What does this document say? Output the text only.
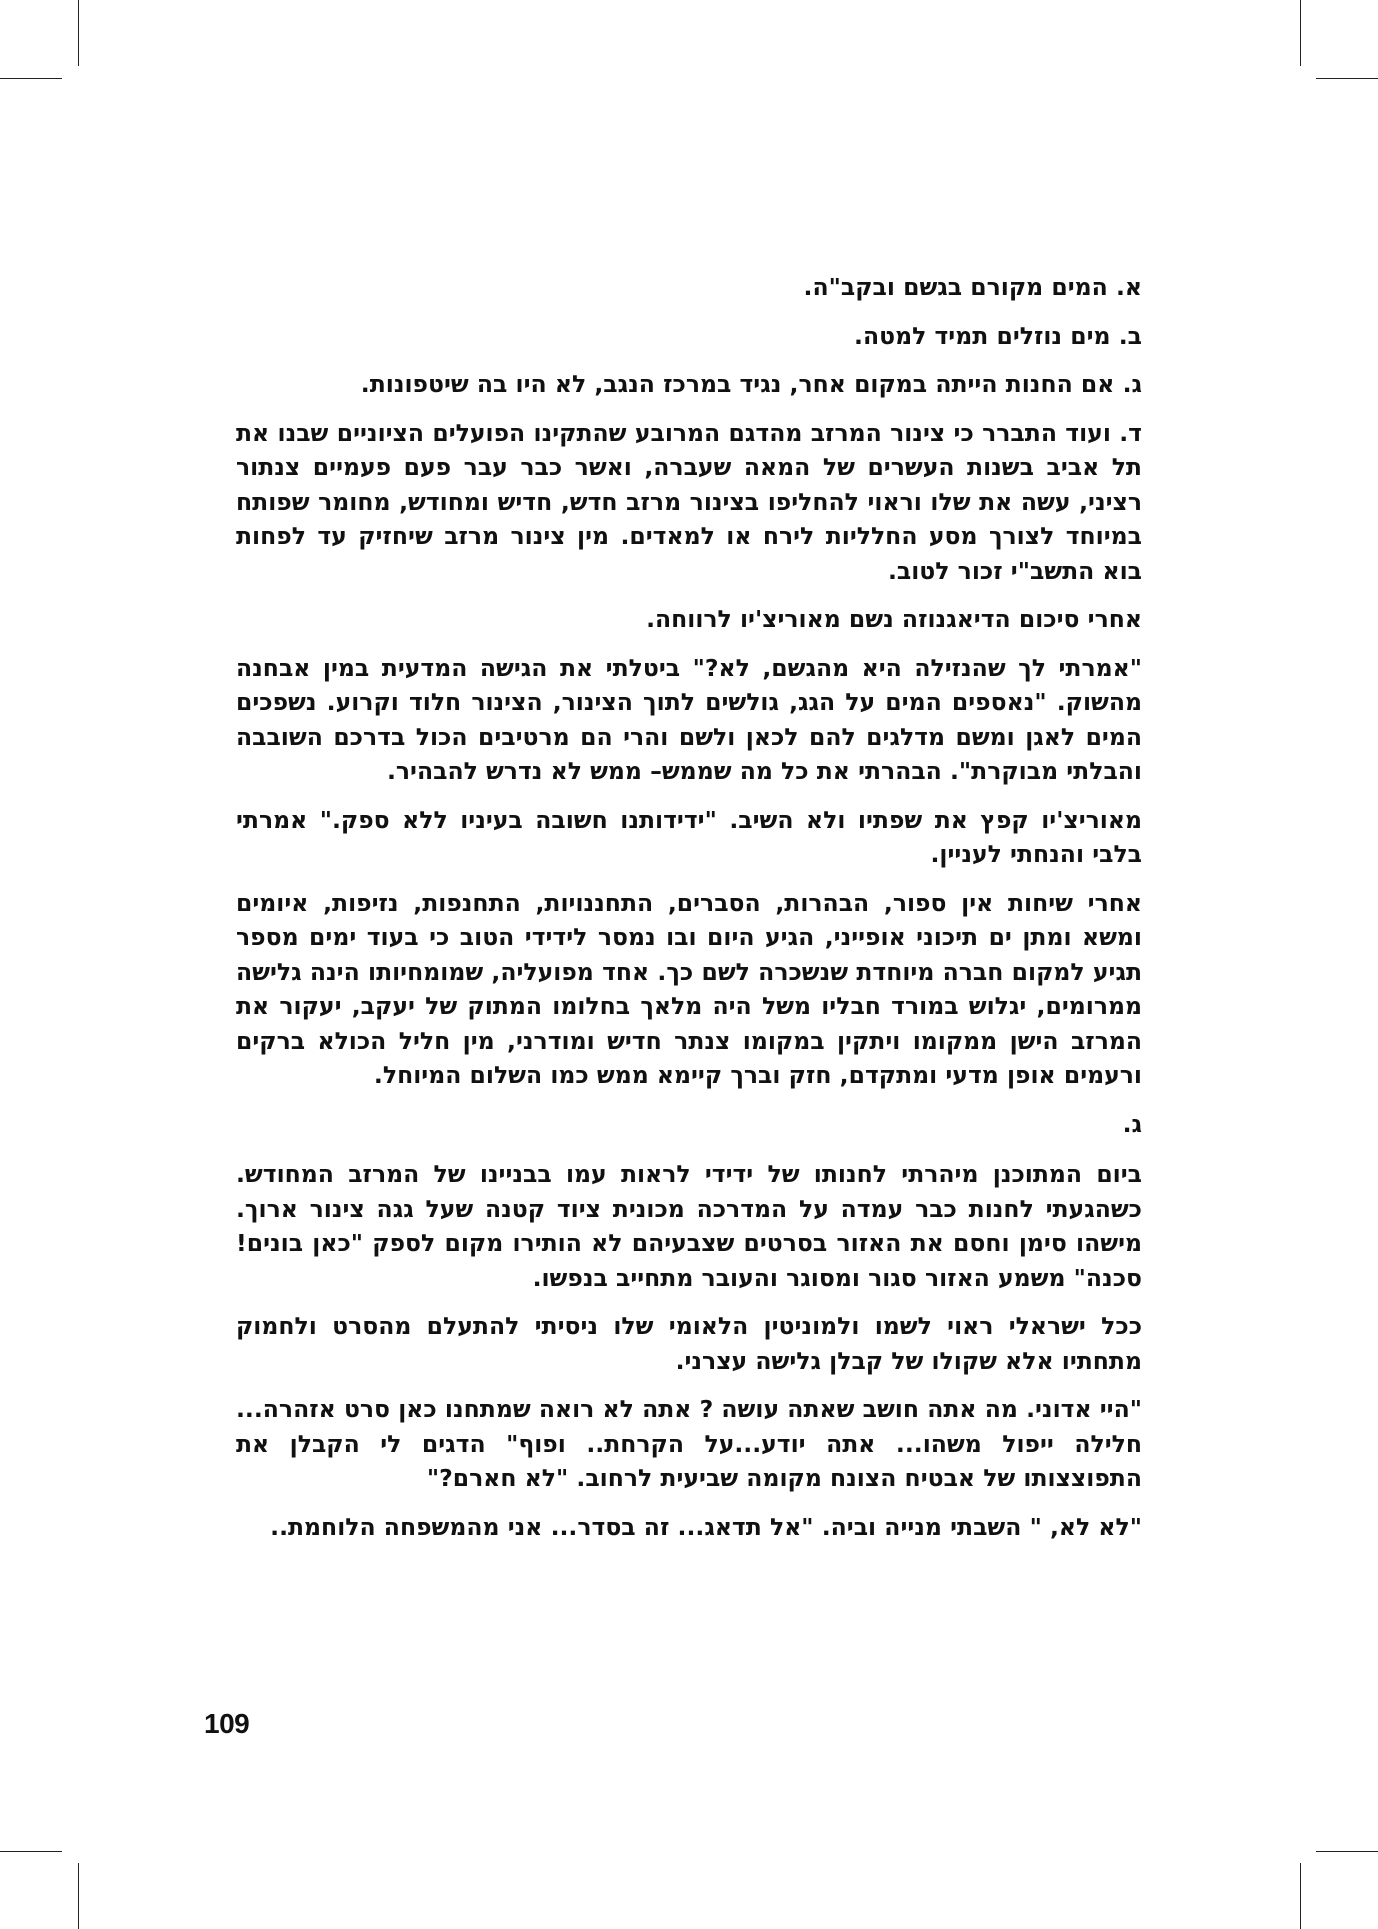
א. המים מקורם בגשם ובקב"ה.

ב. מים נוזלים תמיד למטה.

ג. אם החנות הייתה במקום אחר, נגיד במרכז הנגב, לא היו בה שיטפונות.

ד. ועוד התברר כי צינור המרזב מהדגם המרובע שהתקינו הפועלים הציוניים שבנו את תל אביב בשנות העשרים של המאה שעברה, ואשר כבר עבר פעם פעמיים צנתור רציני, עשה את שלו וראוי להחליפו בצינור מרזב חדש, חדיש ומחודש, מחומר שפותח במיוחד לצורך מסע החלליות לירח או למאדים. מין צינור מרזב שיחזיק עד לפחות בוא התשב"י זכור לטוב.

אחרי סיכום הדיאגנוזה נשם מאוריצ'יו לרווחה.

"אמרתי לך שהנזילה היא מהגשם, לא?" ביטלתי את הגישה המדעית במין אבחנה מהשוק. "נאספים המים על הגג, גולשים לתוך הצינור, הצינור חלוד וקרוע. נשפכים המים לאגן ומשם מדלגים להם לכאן ולשם והרי הם מרטיבים הכול בדרכם השובבה והבלתי מבוקרת". הבהרתי את כל מה שממש– ממש לא נדרש להבהיר.

מאוריצ'יו קפץ את שפתיו ולא השיב. "ידידותנו חשובה בעיניו ללא ספק." אמרתי בלבי והנחתי לעניין.

אחרי שיחות אין ספור, הבהרות, הסברים, התחננויות, התחנפות, נזיפות, איומים ומשא ומתן ים תיכוני אופייני, הגיע היום ובו נמסר לידידי הטוב כי בעוד ימים מספר תגיע למקום חברה מיוחדת שנשכרה לשם כך. אחד מפועליה, שמומחיותו הינה גלישה ממרומים, יגלוש במורד חבליו משל היה מלאך בחלומו המתוק של יעקב, יעקור את המרזב הישן ממקומו ויתקין במקומו צנתר חדיש ומודרני, מין חליל הכולא ברקים ורעמים אופן מדעי ומתקדם, חזק וברך קיימא ממש כמו השלום המיוחל.

ג.

ביום המתוכנן מיהרתי לחנותו של ידידי לראות עמו בבניינו של המרזב המחודש. כשהגעתי לחנות כבר עמדה על המדרכה מכונית ציוד קטנה שעל גגה צינור ארוך. מישהו סימן וחסם את האזור בסרטים שצבעיהם לא הותירו מקום לספק "כאן בונים! סכנה" משמע האזור סגור ומסוגר והעובר מתחייב בנפשו.

ככל ישראלי ראוי לשמו ולמוניטין הלאומי שלו ניסיתי להתעלם מהסרט ולחמוק מתחתיו אלא שקולו של קבלן גלישה עצרני.

"היי אדוני. מה אתה חושב שאתה עושה ? אתה לא רואה שמתחנו כאן סרט אזהרה... חלילה ייפול משהו... אתה יודע...על הקרחת.. ופוף" הדגים לי הקבלן את התפוצצותו של אבטיח הצונח מקומה שביעית לרחוב. "לא חארם?"

"לא לא, " השבתי מנייה וביה. "אל תדאג... זה בסדר... אני מהמשפחה הלוחמת..

109
